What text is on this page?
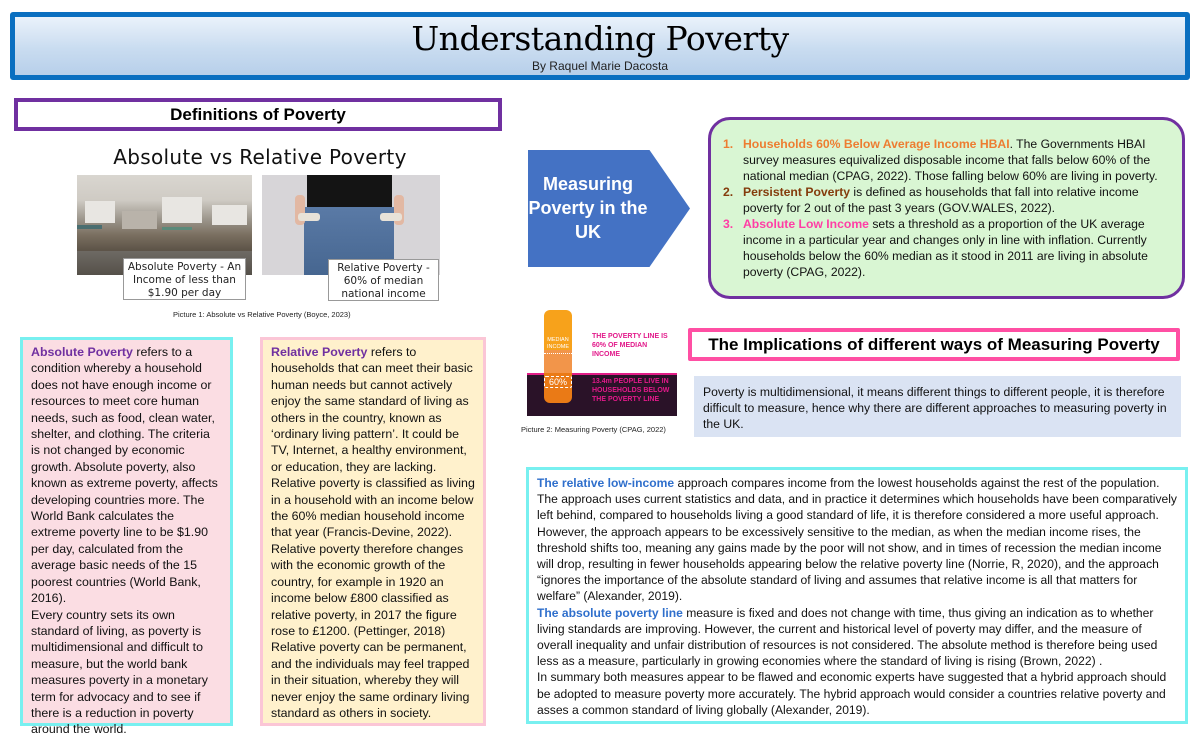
Understanding Poverty
By Raquel Marie Dacosta
Definitions of Poverty
Absolute vs Relative Poverty
Absolute Poverty - An Income of less than $1.90 per day
Relative Poverty - 60% of median national income
Picture 1: Absolute vs Relative Poverty (Boyce, 2023)
Absolute Poverty refers to a condition whereby a household does not have enough income or resources to meet core human needs, such as food, clean water, shelter, and clothing. The criteria is not changed by economic growth. Absolute poverty, also known as extreme poverty, affects developing countries more. The World Bank calculates the extreme poverty line to be $1.90 per day, calculated from the average basic needs of the 15 poorest countries (World Bank, 2016).
Every country sets its own standard of living, as poverty is multidimensional and difficult to measure, but the world bank measures poverty in a monetary term for advocacy and to see if there is a reduction in poverty around the world.
Relative Poverty refers to households that can meet their basic human needs but cannot actively enjoy the same standard of living as others in the country, known as ‘ordinary living pattern’. It could be TV, Internet, a healthy environment, or education, they are lacking. Relative poverty is classified as living in a household with an income below the 60% median household income that year (Francis-Devine, 2022). Relative poverty therefore changes with the economic growth of the country, for example in 1920 an income below £800 classified as relative poverty, in 2017 the figure rose to £1200. (Pettinger, 2018) Relative poverty can be permanent, and the individuals may feel trapped in their situation, whereby they will never enjoy the same ordinary living standard as others in society.
Measuring Poverty in the UK
1. Households 60% Below Average Income HBAI. The Governments HBAI survey measures equivalized disposable income that falls below 60% of the national median (CPAG, 2022). Those falling below 60% are living in poverty.
2. Persistent Poverty is defined as households that fall into relative income poverty for 2 out of the past 3 years (GOV.WALES, 2022).
3. Absolute Low Income sets a threshold as a proportion of the UK average income in a particular year and changes only in line with inflation. Currently households below the 60% median as it stood in 2011 are living in absolute poverty (CPAG, 2022).
MEDIAN INCOME
60%
THE POVERTY LINE IS 60% OF MEDIAN INCOME
13.4m PEOPLE LIVE IN HOUSEHOLDS BELOW THE POVERTY LINE
Picture 2: Measuring Poverty (CPAG, 2022)
The Implications of different ways of Measuring Poverty
Poverty is multidimensional, it means different things to different people, it is therefore difficult to measure, hence why there are different approaches to measuring poverty in the UK.
The relative low-income approach compares income from the lowest households against the rest of the population. The approach uses current statistics and data, and in practice it determines which households have been comparatively left behind, compared to households living a good standard of life, it is therefore considered a more useful approach. However, the approach appears to be excessively sensitive to the median, as when the median income rises, the threshold shifts too, meaning any gains made by the poor will not show, and in times of recession the median income will drop, resulting in fewer households appearing below the relative poverty line (Norrie, R, 2020), and the approach “ignores the importance of the absolute standard of living and assumes that relative income is all that matters for welfare” (Alexander, 2019).
The absolute poverty line measure is fixed and does not change with time, thus giving an indication as to whether living standards are improving. However, the current and historical level of poverty may differ, and the measure of overall inequality and unfair distribution of resources is not considered. The absolute method is therefore being used less as a measure, particularly in growing economies where the standard of living is rising (Brown, 2022) .
In summary both measures appear to be flawed and economic experts have suggested that a hybrid approach should be adopted to measure poverty more accurately. The hybrid approach would consider a countries relative poverty and asses a common standard of living globally (Alexander, 2019).
